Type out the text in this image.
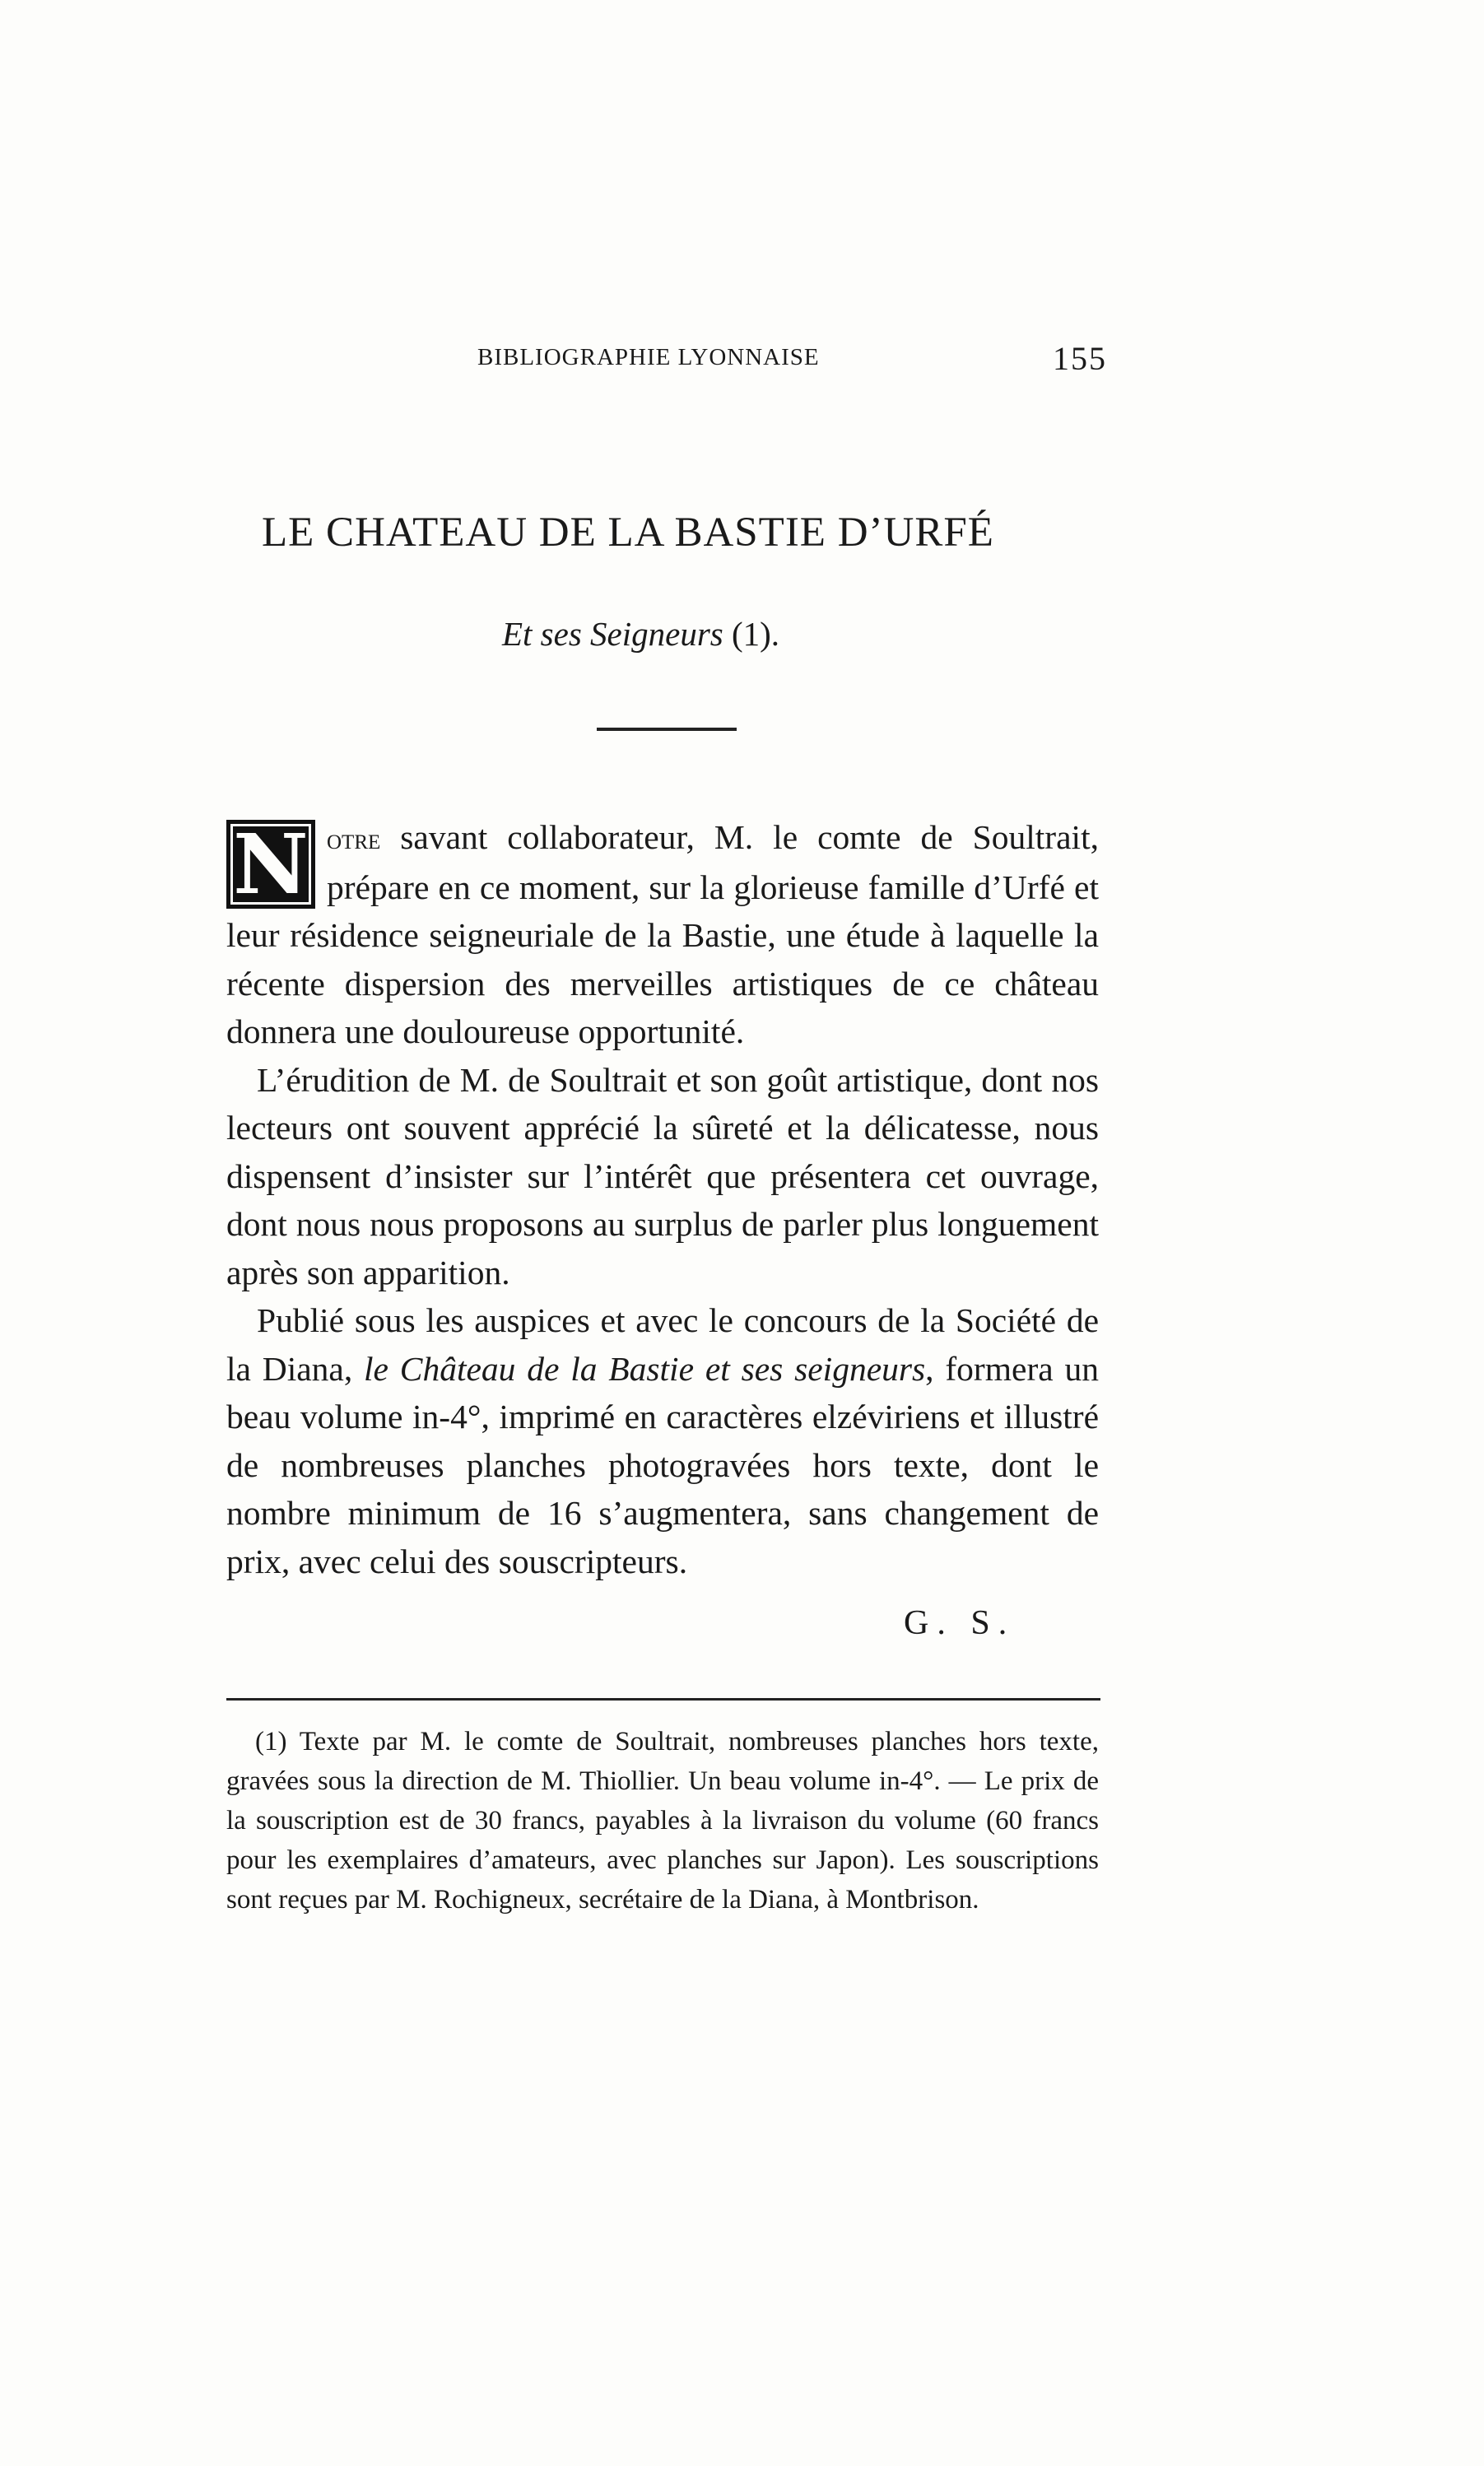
BIBLIOGRAPHIE LYONNAISE	155
LE CHATEAU DE LA BASTIE D’URFÉ
Et ses Seigneurs (1).

N otre savant collaborateur, M. le comte de Soultrait, prépare en ce moment, sur la glorieuse famille d’Urfé et leur résidence seigneuriale de la Bastie, une étude à laquelle la récente dispersion des merveilles artistiques de ce château donnera une douloureuse opportunité.

L’érudition de M. de Soultrait et son goût artistique, dont nos lecteurs ont souvent apprécié la sûreté et la délicatesse, nous dispensent d’insister sur l’intérêt que présentera cet ouvrage, dont nous nous proposons au surplus de parler plus longuement après son apparition.

Publié sous les auspices et avec le concours de la Société de la Diana, le Château de la Bastie et ses seigneurs, formera un beau volume in-4°, imprimé en caractères elzéviriens et illustré de nombreuses planches photogravées hors texte, dont le nombre minimum de 16 s’augmentera, sans changement de prix, avec celui des souscripteurs.

G. S.

(1) Texte par M. le comte de Soultrait, nombreuses planches hors texte, gravées sous la direction de M. Thiollier. Un beau volume in-4°. — Le prix de la souscription est de 30 francs, payables à la livraison du volume (60 francs pour les exemplaires d’amateurs, avec planches sur Japon). Les souscriptions sont reçues par M. Rochigneux, secrétaire de la Diana, à Montbrison.
